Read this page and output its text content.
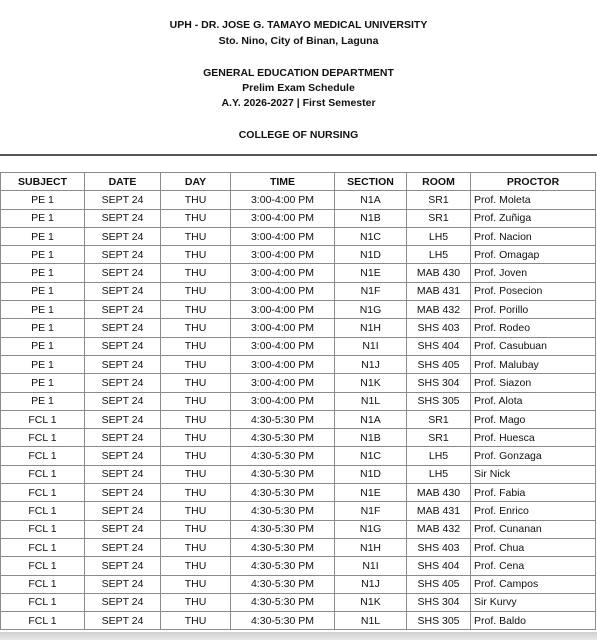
UPH - DR. JOSE G. TAMAYO MEDICAL UNIVERSITY
Sto. Nino, City of Binan, Laguna
GENERAL EDUCATION DEPARTMENT
Prelim Exam Schedule
A.Y. 2026-2027 | First Semester
COLLEGE OF NURSING
SUBJECT	DATE	DAY	TIME	SECTION	ROOM	PROCTOR
PE 1	SEPT 24	THU	3:00-4:00 PM	N1A	SR1	Prof. Moleta
PE 1	SEPT 24	THU	3:00-4:00 PM	N1B	SR1	Prof. Zuñiga
PE 1	SEPT 24	THU	3:00-4:00 PM	N1C	LH5	Prof. Nacion
PE 1	SEPT 24	THU	3:00-4:00 PM	N1D	LH5	Prof. Omagap
PE 1	SEPT 24	THU	3:00-4:00 PM	N1E	MAB 430	Prof. Joven
PE 1	SEPT 24	THU	3:00-4:00 PM	N1F	MAB 431	Prof. Posecion
PE 1	SEPT 24	THU	3:00-4:00 PM	N1G	MAB 432	Prof. Porillo
PE 1	SEPT 24	THU	3:00-4:00 PM	N1H	SHS 403	Prof. Rodeo
PE 1	SEPT 24	THU	3:00-4:00 PM	N1I	SHS 404	Prof. Casubuan
PE 1	SEPT 24	THU	3:00-4:00 PM	N1J	SHS 405	Prof. Malubay
PE 1	SEPT 24	THU	3:00-4:00 PM	N1K	SHS 304	Prof. Siazon
PE 1	SEPT 24	THU	3:00-4:00 PM	N1L	SHS 305	Prof. Alota
FCL 1	SEPT 24	THU	4:30-5:30 PM	N1A	SR1	Prof. Mago
FCL 1	SEPT 24	THU	4:30-5:30 PM	N1B	SR1	Prof. Huesca
FCL 1	SEPT 24	THU	4:30-5:30 PM	N1C	LH5	Prof. Gonzaga
FCL 1	SEPT 24	THU	4:30-5:30 PM	N1D	LH5	Sir Nick
FCL 1	SEPT 24	THU	4:30-5:30 PM	N1E	MAB 430	Prof. Fabia
FCL 1	SEPT 24	THU	4:30-5:30 PM	N1F	MAB 431	Prof. Enrico
FCL 1	SEPT 24	THU	4:30-5:30 PM	N1G	MAB 432	Prof. Cunanan
FCL 1	SEPT 24	THU	4:30-5:30 PM	N1H	SHS 403	Prof. Chua
FCL 1	SEPT 24	THU	4:30-5:30 PM	N1I	SHS 404	Prof. Cena
FCL 1	SEPT 24	THU	4:30-5:30 PM	N1J	SHS 405	Prof. Campos
FCL 1	SEPT 24	THU	4:30-5:30 PM	N1K	SHS 304	Sir Kurvy
FCL 1	SEPT 24	THU	4:30-5:30 PM	N1L	SHS 305	Prof. Baldo
